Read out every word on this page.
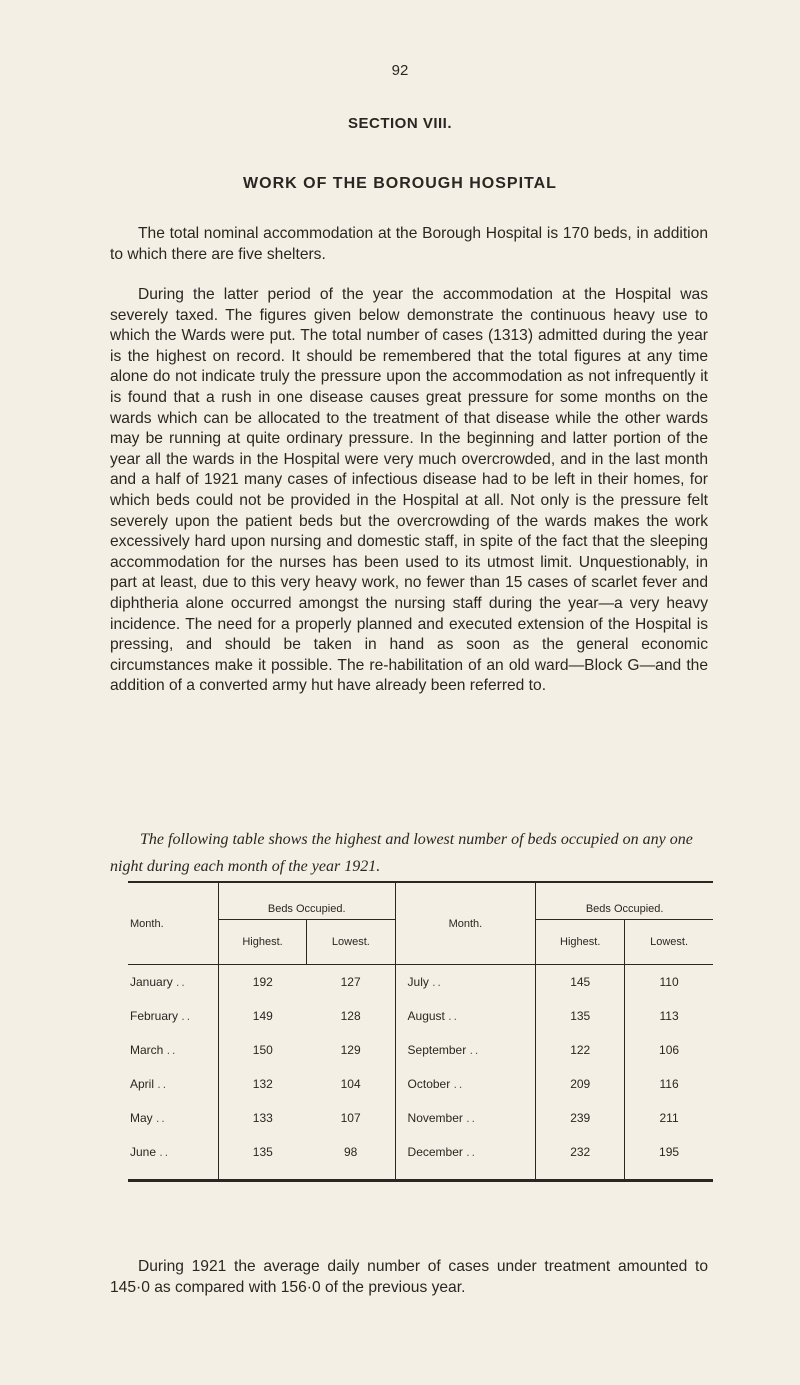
92
SECTION VIII.
WORK OF THE BOROUGH HOSPITAL

The total nominal accommodation at the Borough Hospital is 170 beds, in addition to which there are five shelters.

During the latter period of the year the accommodation at the Hospital was severely taxed. The figures given below demonstrate the continuous heavy use to which the Wards were put. The total number of cases (1313) admitted during the year is the highest on record. It should be remembered that the total figures at any time alone do not indicate truly the pressure upon the accommodation as not infrequently it is found that a rush in one disease causes great pressure for some months on the wards which can be allocated to the treatment of that disease while the other wards may be running at quite ordinary pressure. In the beginning and latter portion of the year all the wards in the Hospital were very much overcrowded, and in the last month and a half of 1921 many cases of infectious disease had to be left in their homes, for which beds could not be provided in the Hospital at all. Not only is the pressure felt severely upon the patient beds but the overcrowding of the wards makes the work excessively hard upon nursing and domestic staff, in spite of the fact that the sleeping accommodation for the nurses has been used to its utmost limit. Unquestionably, in part at least, due to this very heavy work, no fewer than 15 cases of scarlet fever and diphtheria alone occurred amongst the nursing staff during the year—a very heavy incidence. The need for a properly planned and executed extension of the Hospital is pressing, and should be taken in hand as soon as the general economic circumstances make it possible. The re-habilitation of an old ward—Block G—and the addition of a converted army hut have already been referred to.

The following table shows the highest and lowest number of beds occupied on any one night during each month of the year 1921.

Month.	Beds Occupied.		Month.	Beds Occupied.	
	Highest.	Lowest.		Highest.	Lowest.
January ..	192	127	July ..	145	110
February ..	149	128	August ..	135	113
March ..	150	129	September ..	122	106
April ..	132	104	October ..	209	116
May ..	133	107	November ..	239	211
June ..	135	98	December ..	232	195

During 1921 the average daily number of cases under treatment amounted to 145·0 as compared with 156·0 of the previous year.
